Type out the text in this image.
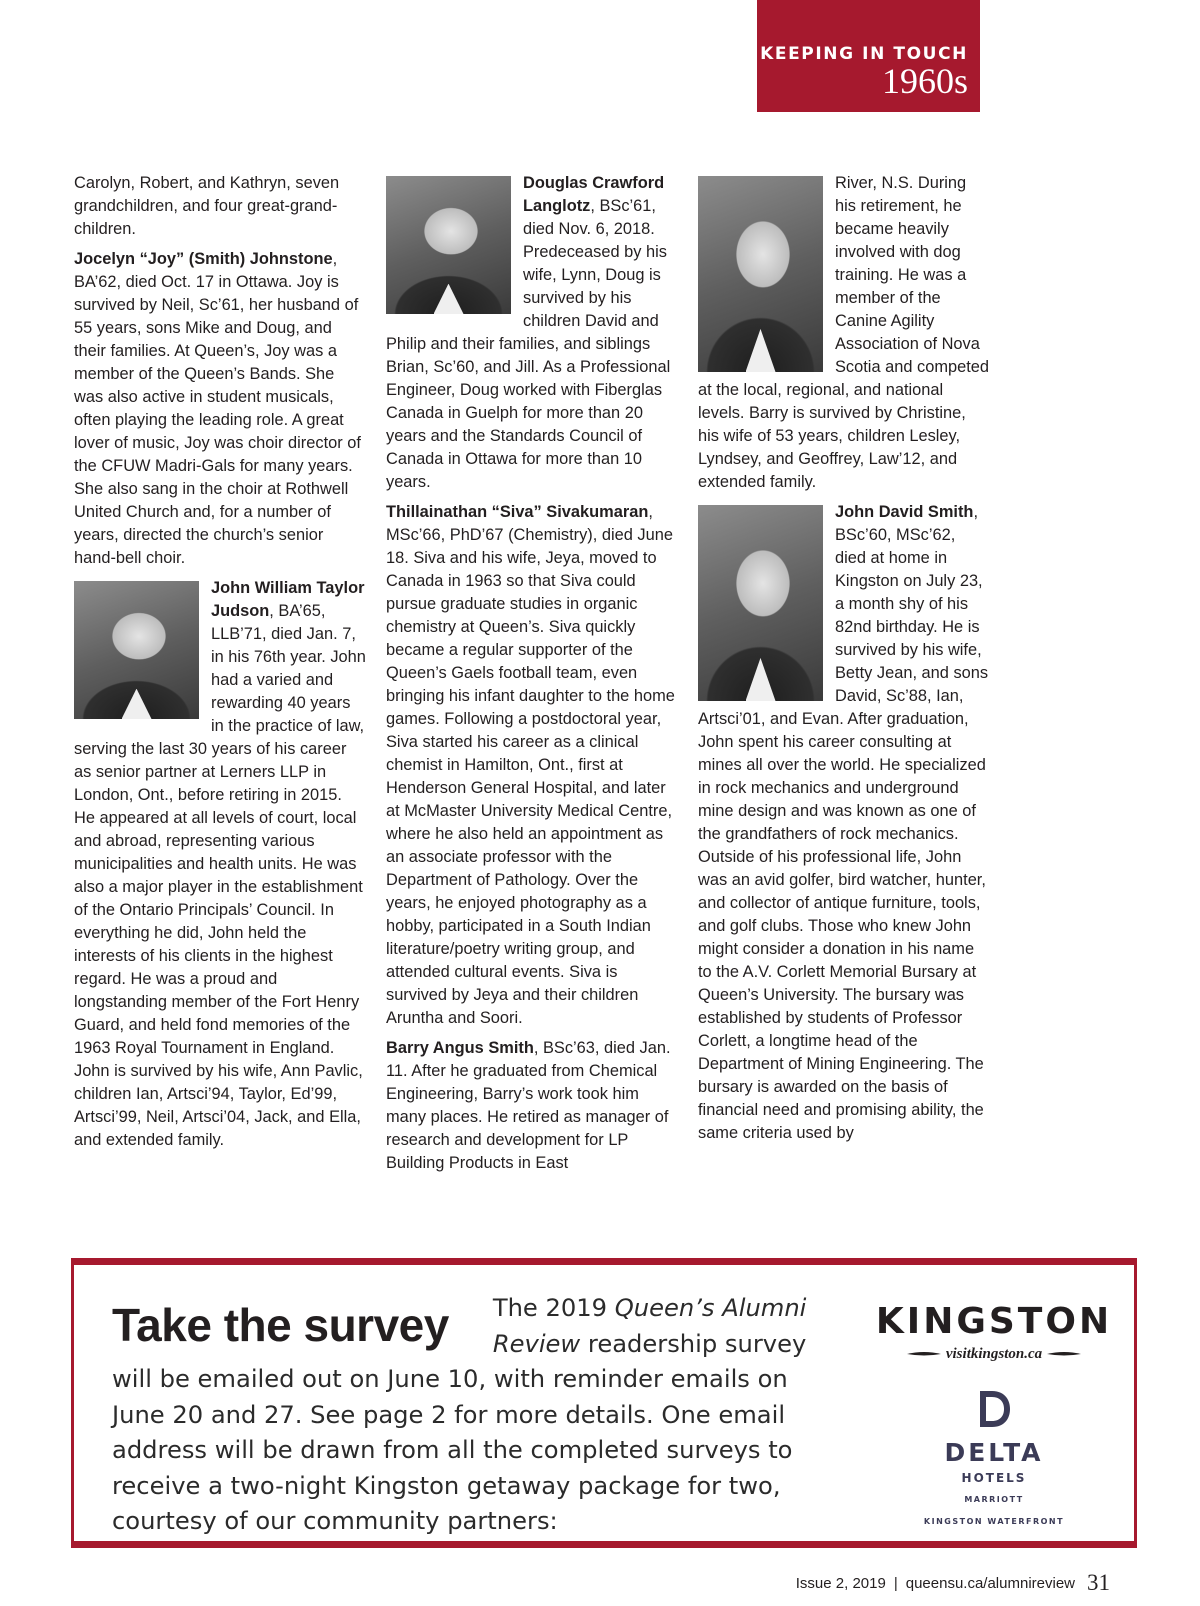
KEEPING IN TOUCH
1960s

Carolyn, Robert, and Kathryn, seven grandchildren, and four great-grand-children.

Jocelyn “Joy” (Smith) Johnstone, BA’62, died Oct. 17 in Ottawa. Joy is survived by Neil, Sc’61, her husband of 55 years, sons Mike and Doug, and their families. At Queen’s, Joy was a member of the Queen’s Bands. She was also active in student musicals, often playing the leading role. A great lover of music, Joy was choir director of the CFUW Madri-Gals for many years. She also sang in the choir at Rothwell United Church and, for a number of years, directed the church’s senior hand-bell choir.

John William Taylor Judson, BA’65, LLB’71, died Jan. 7, in his 76th year. John had a varied and rewarding 40 years in the practice of law, serving the last 30 years of his career as senior partner at Lerners LLP in London, Ont., before retiring in 2015. He appeared at all levels of court, local and abroad, representing various municipalities and health units. He was also a major player in the establishment of the Ontario Principals’ Council. In everything he did, John held the interests of his clients in the highest regard. He was a proud and longstanding member of the Fort Henry Guard, and held fond memories of the 1963 Royal Tournament in England. John is survived by his wife, Ann Pavlic, children Ian, Artsci’94, Taylor, Ed’99, Artsci’99, Neil, Artsci’04, Jack, and Ella, and extended family.

Douglas Crawford Langlotz, BSc’61, died Nov. 6, 2018. Predeceased by his wife, Lynn, Doug is survived by his children David and Philip and their families, and siblings Brian, Sc’60, and Jill. As a Professional Engineer, Doug worked with Fiberglas Canada in Guelph for more than 20 years and the Standards Council of Canada in Ottawa for more than 10 years.

Thillainathan “Siva” Sivakumaran, MSc’66, PhD’67 (Chemistry), died June 18. Siva and his wife, Jeya, moved to Canada in 1963 so that Siva could pursue graduate studies in organic chemistry at Queen’s. Siva quickly became a regular supporter of the Queen’s Gaels football team, even bringing his infant daughter to the home games. Following a postdoctoral year, Siva started his career as a clinical chemist in Hamilton, Ont., first at Henderson General Hospital, and later at McMaster University Medical Centre, where he also held an appointment as an associate professor with the Department of Pathology. Over the years, he enjoyed photography as a hobby, participated in a South Indian literature/poetry writing group, and attended cultural events. Siva is survived by Jeya and their children Aruntha and Soori.

Barry Angus Smith, BSc’63, died Jan. 11. After he graduated from Chemical Engineering, Barry’s work took him many places. He retired as manager of research and development for LP Building Products in East

River, N.S. During his retirement, he became heavily involved with dog training. He was a member of the Canine Agility Association of Nova Scotia and competed at the local, regional, and national levels. Barry is survived by Christine, his wife of 53 years, children Lesley, Lyndsey, and Geoffrey, Law’12, and extended family.

John David Smith, BSc’60, MSc’62, died at home in Kingston on July 23, a month shy of his 82nd birthday. He is survived by his wife, Betty Jean, and sons David, Sc’88, Ian, Artsci’01, and Evan. After graduation, John spent his career consulting at mines all over the world. He specialized in rock mechanics and underground mine design and was known as one of the grandfathers of rock mechanics. Outside of his professional life, John was an avid golfer, bird watcher, hunter, and collector of antique furniture, tools, and golf clubs. Those who knew John might consider a donation in his name to the A.V. Corlett Memorial Bursary at Queen’s University. The bursary was established by students of Professor Corlett, a longtime head of the Department of Mining Engineering. The bursary is awarded on the basis of financial need and promising ability, the same criteria used by

Take the survey The 2019 Queen’s Alumni Review readership survey will be emailed out on June 10, with reminder emails on June 20 and 27. See page 2 for more details. One email address will be drawn from all the completed surveys to receive a two-night Kingston getaway package for two, courtesy of our community partners:
KINGSTON
visitkingston.ca
DELTA
HOTELS
MARRIOTT
KINGSTON WATERFRONT
Issue 2, 2019 | queensu.ca/alumnireview 31
